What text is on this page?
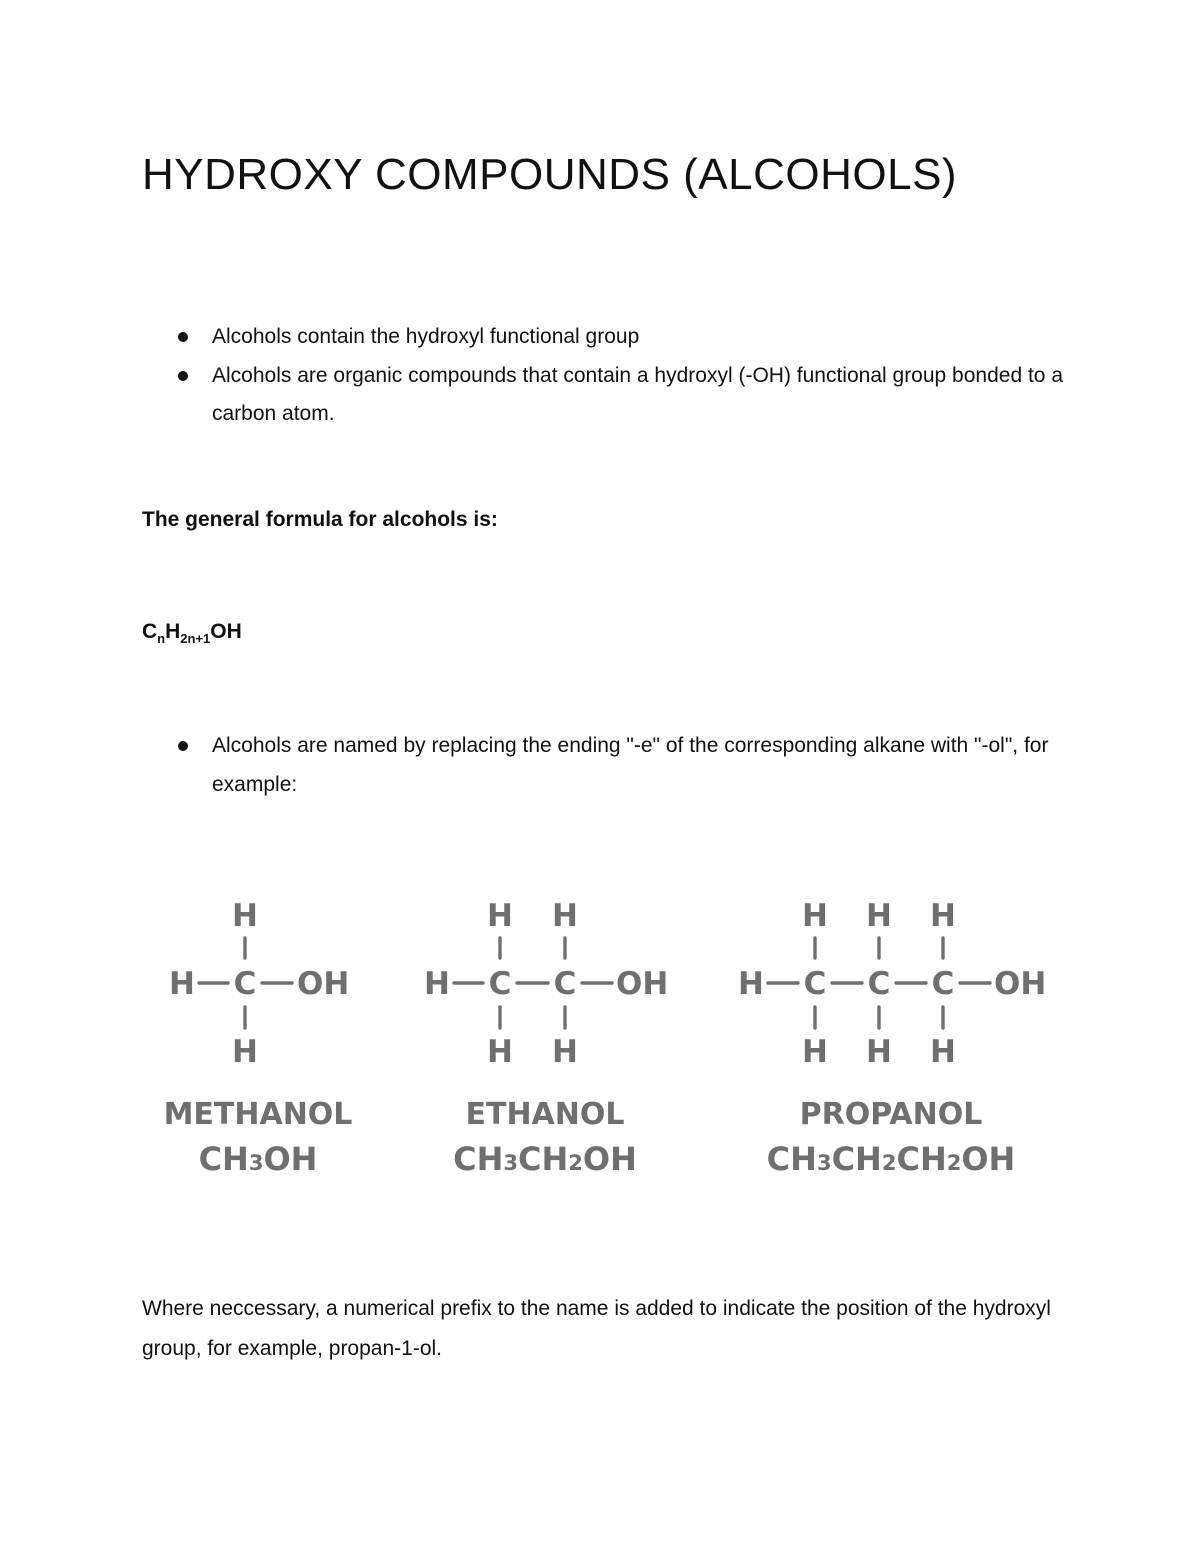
HYDROXY COMPOUNDS (ALCOHOLS)
Alcohols contain the hydroxyl functional group
Alcohols are organic compounds that contain a hydroxyl (-OH) functional group bonded to a carbon atom.

The general formula for alcohols is:

$C_nH_{2n+1}OH$

Alcohols are named by replacing the ending "-e" of the corresponding alkane with "-ol", for example:
H
H C OH
H
METHANOL
CH3OH
H H
H C C OH
H H
ETHANOL
CH3CH2OH
H H H
H C C C OH
H H H
PROPANOL
CH3CH2CH2OH

Where neccessary, a numerical prefix to the name is added to indicate the position of the hydroxyl group, for example, propan-1-ol.
